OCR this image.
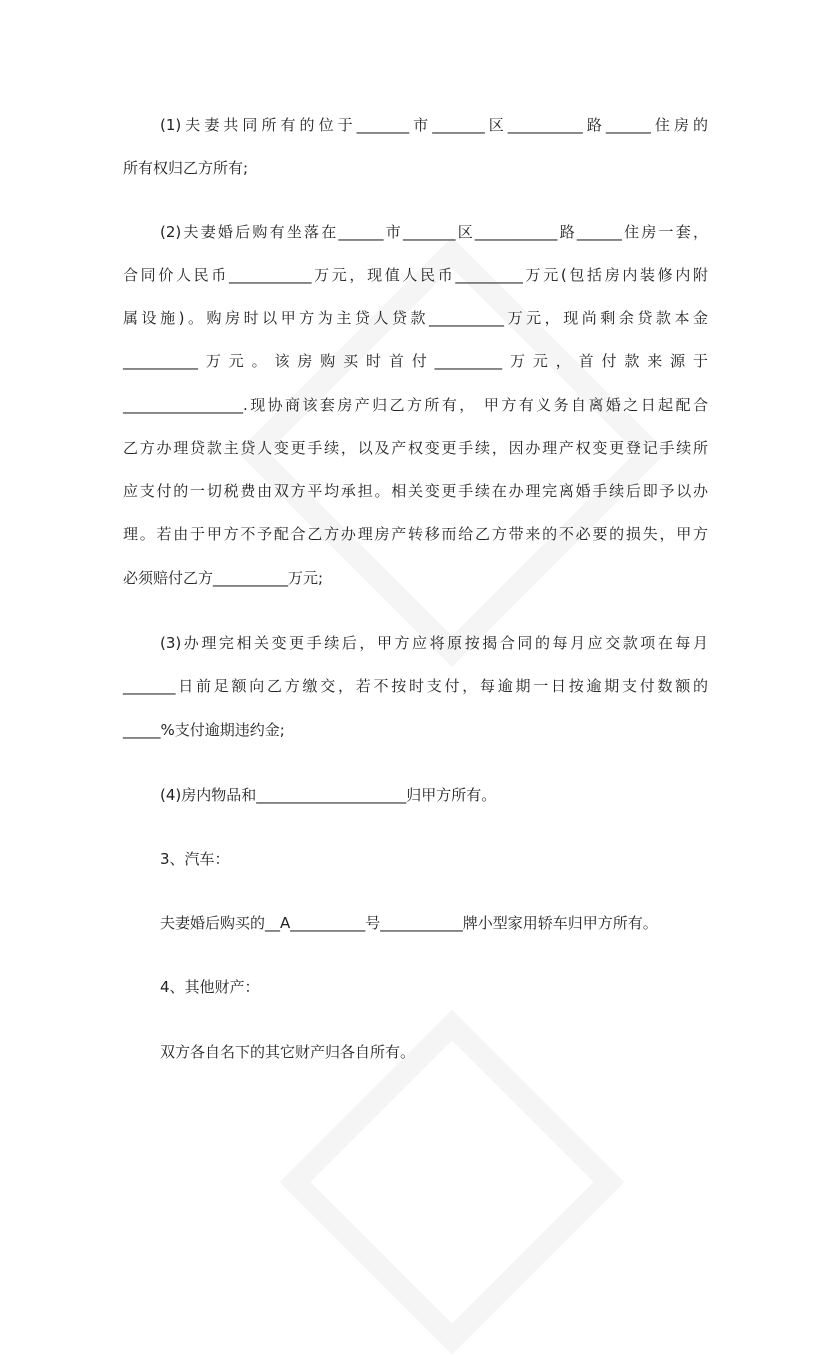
(1)夫妻共同所有的位于_______市_______区__________路______住房的
所有权归乙方所有;
(2)夫妻婚后购有坐落在______市_______区___________路______住房一套，
合同价人民币___________万元，现值人民币_________万元(包括房内装修内附
属设施)。购房时以甲方为主贷人贷款__________万元，现尚剩余贷款本金
__________万元。该房购买时首付_________万元，首付款来源于
________________.现协商该套房产归乙方所有， 甲方有义务自离婚之日起配合
乙方办理贷款主贷人变更手续，以及产权变更手续，因办理产权变更登记手续所
应支付的一切税费由双方平均承担。相关变更手续在办理完离婚手续后即予以办
理。若由于甲方不予配合乙方办理房产转移而给乙方带来的不必要的损失，甲方
必须赔付乙方__________万元;
(3)办理完相关变更手续后，甲方应将原按揭合同的每月应交款项在每月
_______日前足额向乙方缴交，若不按时支付，每逾期一日按逾期支付数额的
_____%支付逾期违约金;
(4)房内物品和____________________归甲方所有。
3、汽车：
夫妻婚后购买的__A__________号___________牌小型家用轿车归甲方所有。
4、其他财产：
双方各自名下的其它财产归各自所有。
